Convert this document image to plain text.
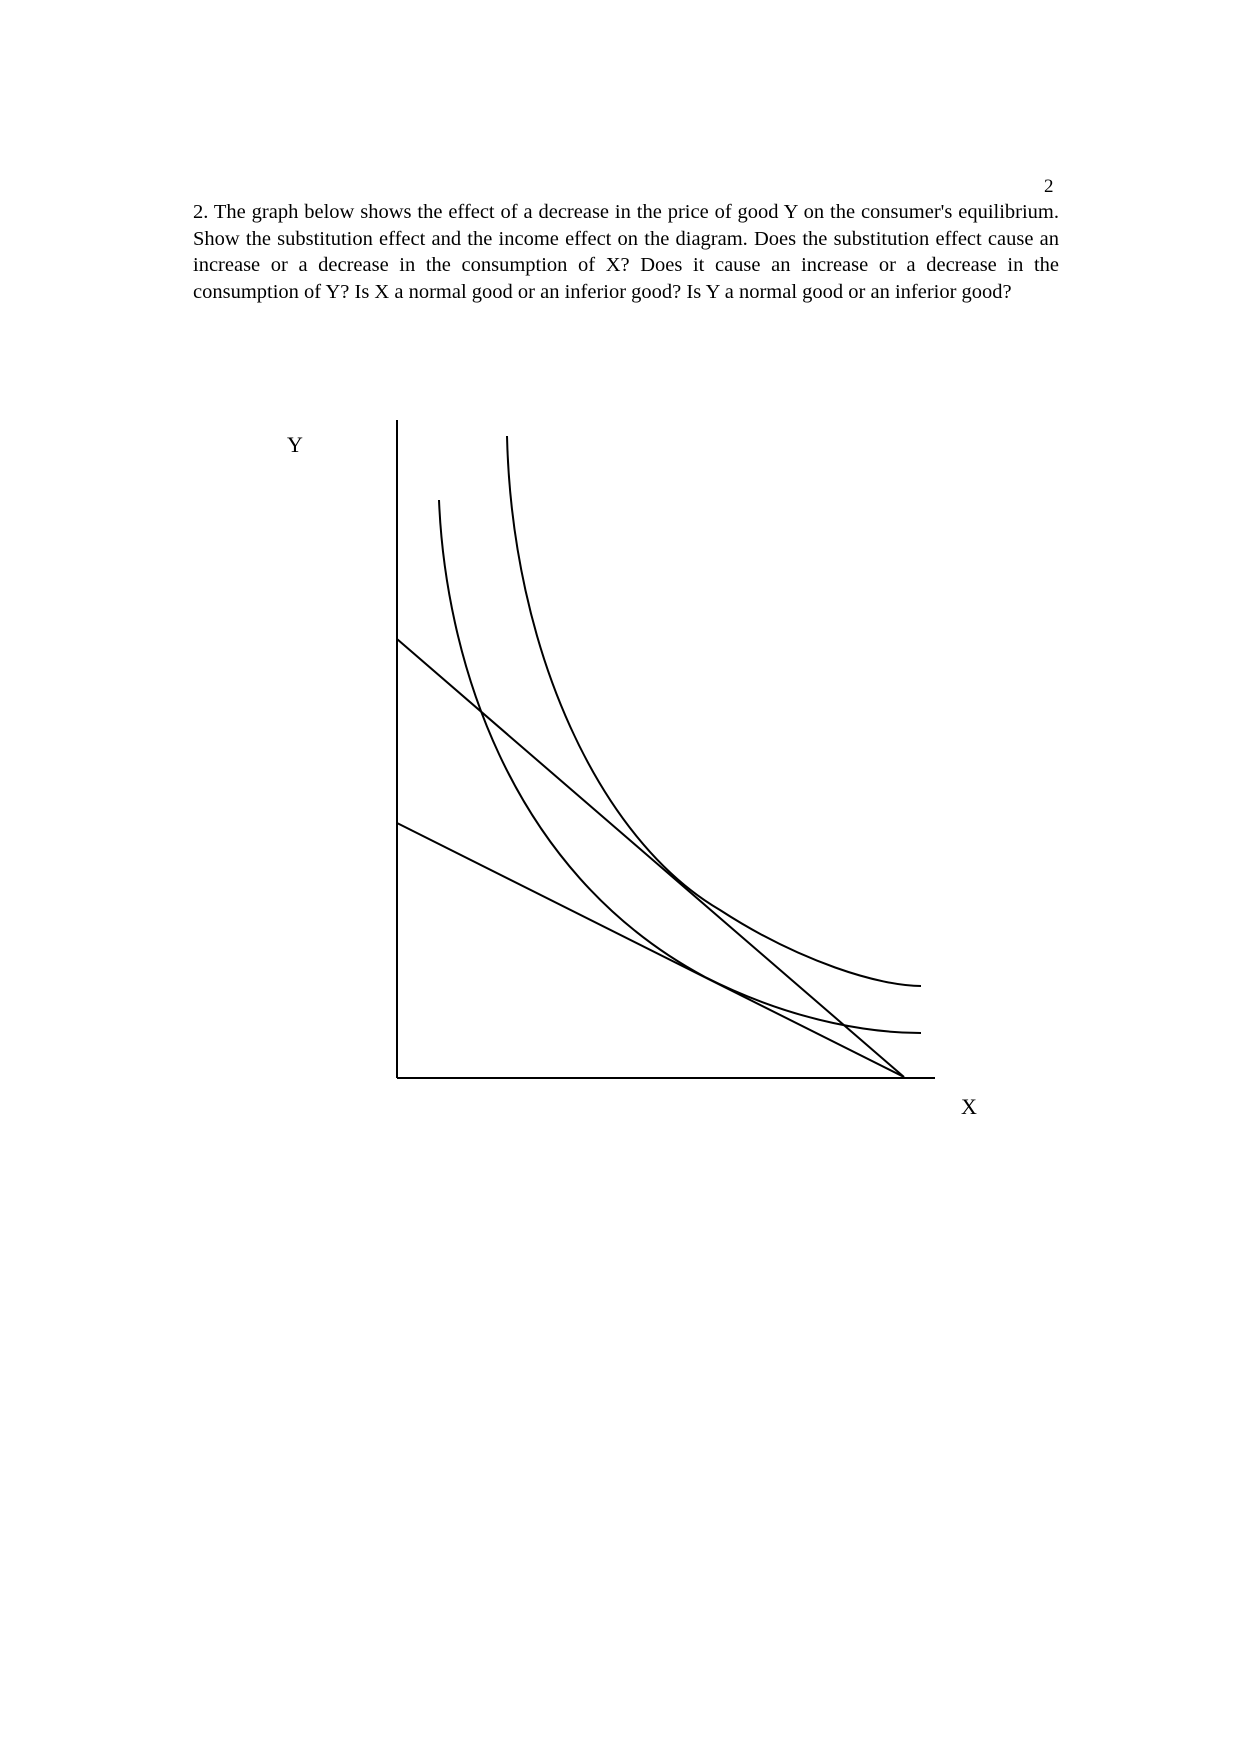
2
2. The graph below shows the effect of a decrease in the price of good Y on the consumer's equilibrium. Show the substitution effect and the income effect on the diagram. Does the substitution effect cause an increase or a decrease in the consumption of X? Does it cause an increase or a decrease in the consumption of Y? Is X a normal good or an inferior good? Is Y a normal good or an inferior good?
Y
X
